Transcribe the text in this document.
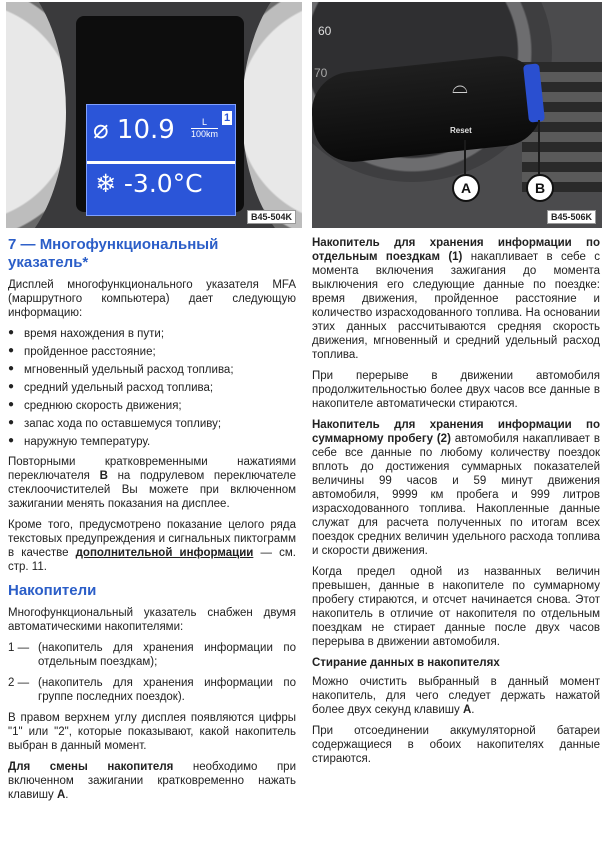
⌀ 10.9	L
100km
1
❄ -3.0°C
B45-504K
60
70
⌓
Reset
A	B
B45-506K
7 — Многофункциональный указатель*

Дисплей многофункционального указателя MFA (маршрутного компьютера) дает следующую информацию:

● время нахождения в пути;
● пройденное расстояние;
● мгновенный удельный расход топлива;
● средний удельный расход топлива;
● среднюю скорость движения;
● запас хода по оставшемуся топливу;
● наружную температуру.

Повторными кратковременными нажатиями переключателя B на подрулевом переключателе стеклоочистителей Вы можете при включенном зажигании менять показания на дисплее.

Кроме того, предусмотрено показание целого ряда текстовых предупреждения и сигнальных пиктограмм в качестве дополнительной информации — см. стр. 11.

Накопители

Многофункциональный указатель снабжен двумя автоматическими накопителями:

1 — (накопитель для хранения информации по отдельным поездкам);
2 — (накопитель для хранения информации по группе последних поездок).

В правом верхнем углу дисплея появляются цифры "1" или "2", которые показывают, какой накопитель выбран в данный момент.

Для смены накопителя необходимо при включенном зажигании кратковременно нажать клавишу A.

Накопитель для хранения информации по отдельным поездкам (1) накапливает в себе с момента включения зажигания до момента выключения его следующие данные по поездке: время движения, пройденное расстояние и количество израсходованного топлива. На основании этих данных рассчитываются средняя скорость движения, мгновенный и средний удельный расход топлива.

При перерыве в движении автомобиля продолжительностью более двух часов все данные в накопителе автоматически стираются.

Накопитель для хранения информации по суммарному пробегу (2) автомобиля накапливает в себе все данные по любому количеству поездок вплоть до достижения суммарных показателей величины 99 часов и 59 минут движения автомобиля, 9999 км пробега и 999 литров израсходованного топлива. Накопленные данные служат для расчета полученных по итогам всех поездок средних величин удельного расхода топлива и скорости движения.

Когда предел одной из названных величин превышен, данные в накопителе по суммарному пробегу стираются, и отсчет начинается снова. Этот накопитель в отличие от накопителя по отдельным поездкам не стирает данные после двух часов перерыва в движении автомобиля.

Стирание данных в накопителях

Можно очистить выбранный в данный момент накопитель, для чего следует держать нажатой более двух секунд клавишу A.

При отсоединении аккумуляторной батареи содержащиеся в обоих накопителях данные стираются.
